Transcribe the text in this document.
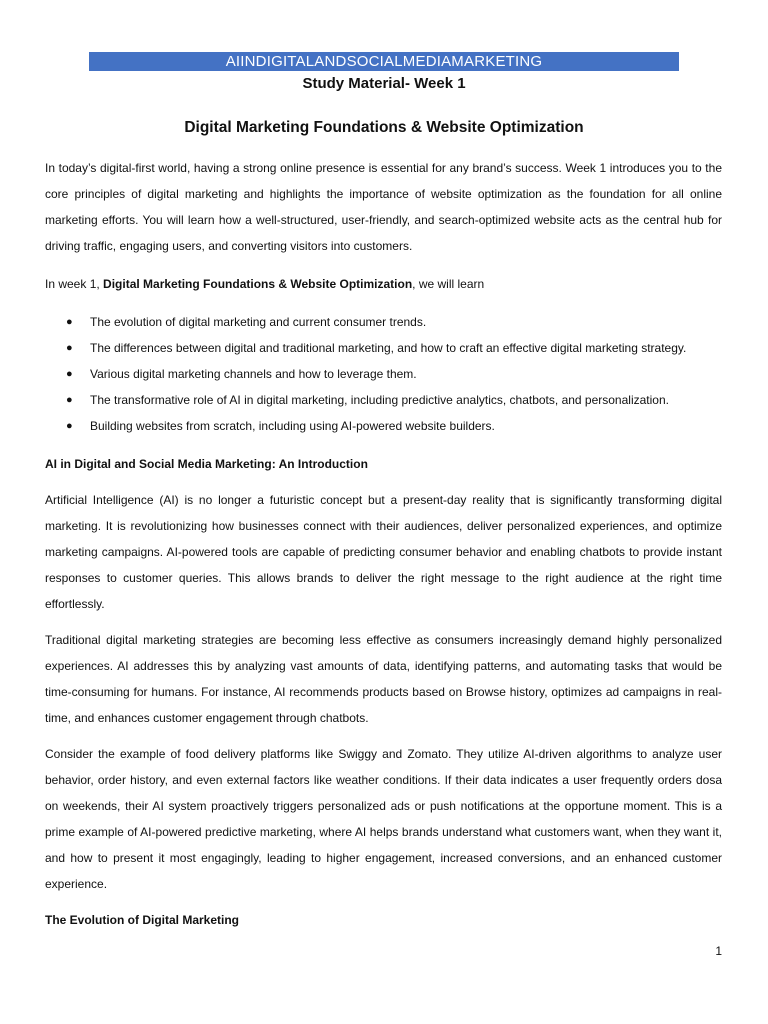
AIINDIGITALANDSOCIALMEDIAMARKETING
Study Material- Week 1
Digital Marketing Foundations & Website Optimization

In today’s digital-first world, having a strong online presence is essential for any brand’s success. Week 1 introduces you to the core principles of digital marketing and highlights the importance of website optimization as the foundation for all online marketing efforts. You will learn how a well-structured, user-friendly, and search-optimized website acts as the central hub for driving traffic, engaging users, and converting visitors into customers.

In week 1, Digital Marketing Foundations & Website Optimization, we will learn

● The evolution of digital marketing and current consumer trends.
● The differences between digital and traditional marketing, and how to craft an effective digital marketing strategy.
● Various digital marketing channels and how to leverage them.
● The transformative role of AI in digital marketing, including predictive analytics, chatbots, and personalization.
● Building websites from scratch, including using AI-powered website builders.

AI in Digital and Social Media Marketing: An Introduction

Artificial Intelligence (AI) is no longer a futuristic concept but a present-day reality that is significantly transforming digital marketing. It is revolutionizing how businesses connect with their audiences, deliver personalized experiences, and optimize marketing campaigns. AI-powered tools are capable of predicting consumer behavior and enabling chatbots to provide instant responses to customer queries. This allows brands to deliver the right message to the right audience at the right time effortlessly.

Traditional digital marketing strategies are becoming less effective as consumers increasingly demand highly personalized experiences. AI addresses this by analyzing vast amounts of data, identifying patterns, and automating tasks that would be time-consuming for humans. For instance, AI recommends products based on Browse history, optimizes ad campaigns in real-time, and enhances customer engagement through chatbots.

Consider the example of food delivery platforms like Swiggy and Zomato. They utilize AI-driven algorithms to analyze user behavior, order history, and even external factors like weather conditions. If their data indicates a user frequently orders dosa on weekends, their AI system proactively triggers personalized ads or push notifications at the opportune moment. This is a prime example of AI-powered predictive marketing, where AI helps brands understand what customers want, when they want it, and how to present it most engagingly, leading to higher engagement, increased conversions, and an enhanced customer experience.

The Evolution of Digital Marketing

1
